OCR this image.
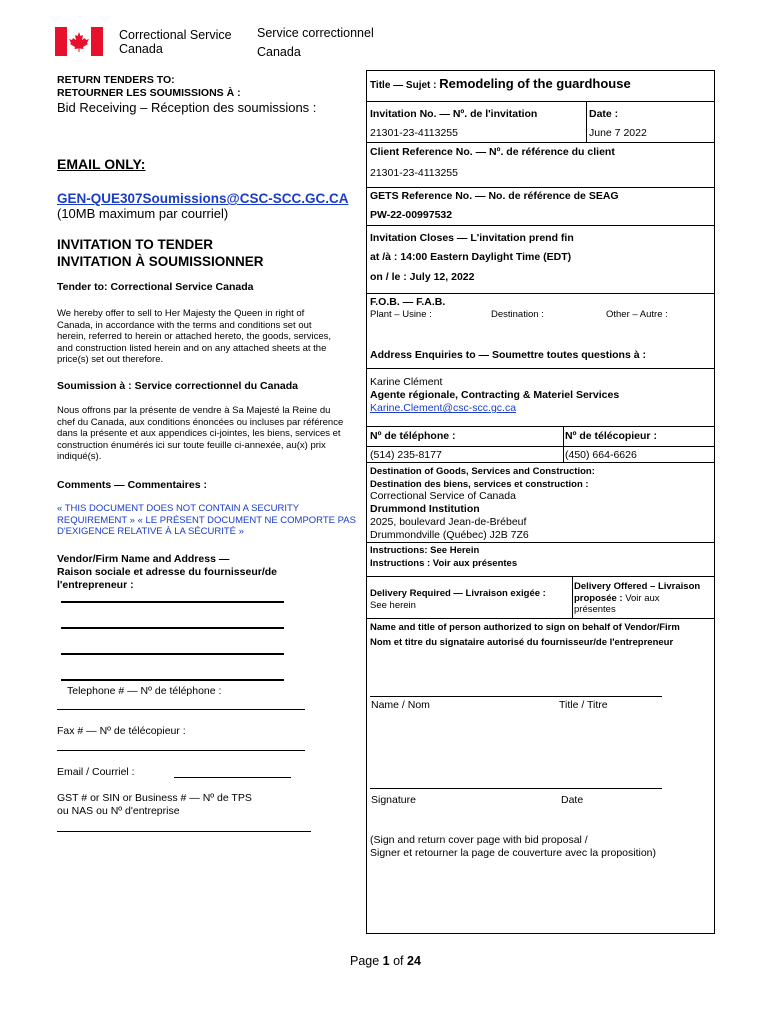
Correctional Service
Canada
Service correctionnel
Canada
RETURN TENDERS TO:
RETOURNER LES SOUMISSIONS À :
Bid Receiving – Réception des soumissions :
EMAIL ONLY:
GEN-QUE307Soumissions@CSC-SCC.GC.CA
(10MB maximum par courriel)
INVITATION TO TENDER
INVITATION À SOUMISSIONNER
Tender to: Correctional Service Canada
We hereby offer to sell to Her Majesty the Queen in right of Canada, in accordance with the terms and conditions set out herein, referred to herein or attached hereto, the goods, services, and construction listed herein and on any attached sheets at the price(s) set out therefore.
Soumission à : Service correctionnel du Canada
Nous offrons par la présente de vendre à Sa Majesté la Reine du chef du Canada, aux conditions énoncées ou incluses par référence dans la présente et aux appendices ci-jointes, les biens, services et construction énumérés ici sur toute feuille ci-annexée, au(x) prix indiqué(s).
Comments — Commentaires :
« THIS DOCUMENT DOES NOT CONTAIN A SECURITY REQUIREMENT » « LE PRÉSENT DOCUMENT NE COMPORTE PAS D'EXIGENCE RELATIVE À LA SÉCURITÉ »
Vendor/Firm Name and Address —
Raison sociale et adresse du fournisseur/de
l'entrepreneur :
Telephone # — Nº de téléphone :
Fax # — Nº de télécopieur :
Email / Courriel :
GST # or SIN or Business # — Nº de TPS
ou NAS ou Nº d'entreprise
Title — Sujet : Remodeling of the guardhouse
Invitation No. — Nº. de l'invitation	Date :
21301-23-4113255	June 7 2022
Client Reference No. — Nº. de référence du client
21301-23-4113255
GETS Reference No. — No. de référence de SEAG
PW-22-00997532
Invitation Closes — L'invitation prend fin
at /à : 14:00 Eastern Daylight Time (EDT)
on / le : July 12, 2022
F.O.B. — F.A.B.
Plant – Usine :	Destination :	Other – Autre :
Address Enquiries to — Soumettre toutes questions à :
Karine Clément
Agente régionale, Contracting & Materiel Services
Karine.Clement@csc-scc.gc.ca
Nº de téléphone :	Nº de télécopieur :
(514) 235-8177	(450) 664-6626
Destination of Goods, Services and Construction:
Destination des biens, services et construction :
Correctional Service of Canada
Drummond Institution
2025, boulevard Jean-de-Brébeuf
Drummondville (Québec) J2B 7Z6
Instructions: See Herein
Instructions : Voir aux présentes
Delivery Required — Livraison exigée :
See herein
Delivery Offered – Livraison
proposée : Voir aux
présentes
Name and title of person authorized to sign on behalf of Vendor/Firm
Nom et titre du signataire autorisé du fournisseur/de l'entrepreneur
Name / Nom	Title / Titre
Signature	Date
(Sign and return cover page with bid proposal /
Signer et retourner la page de couverture avec la proposition)
Page 1 of 24
